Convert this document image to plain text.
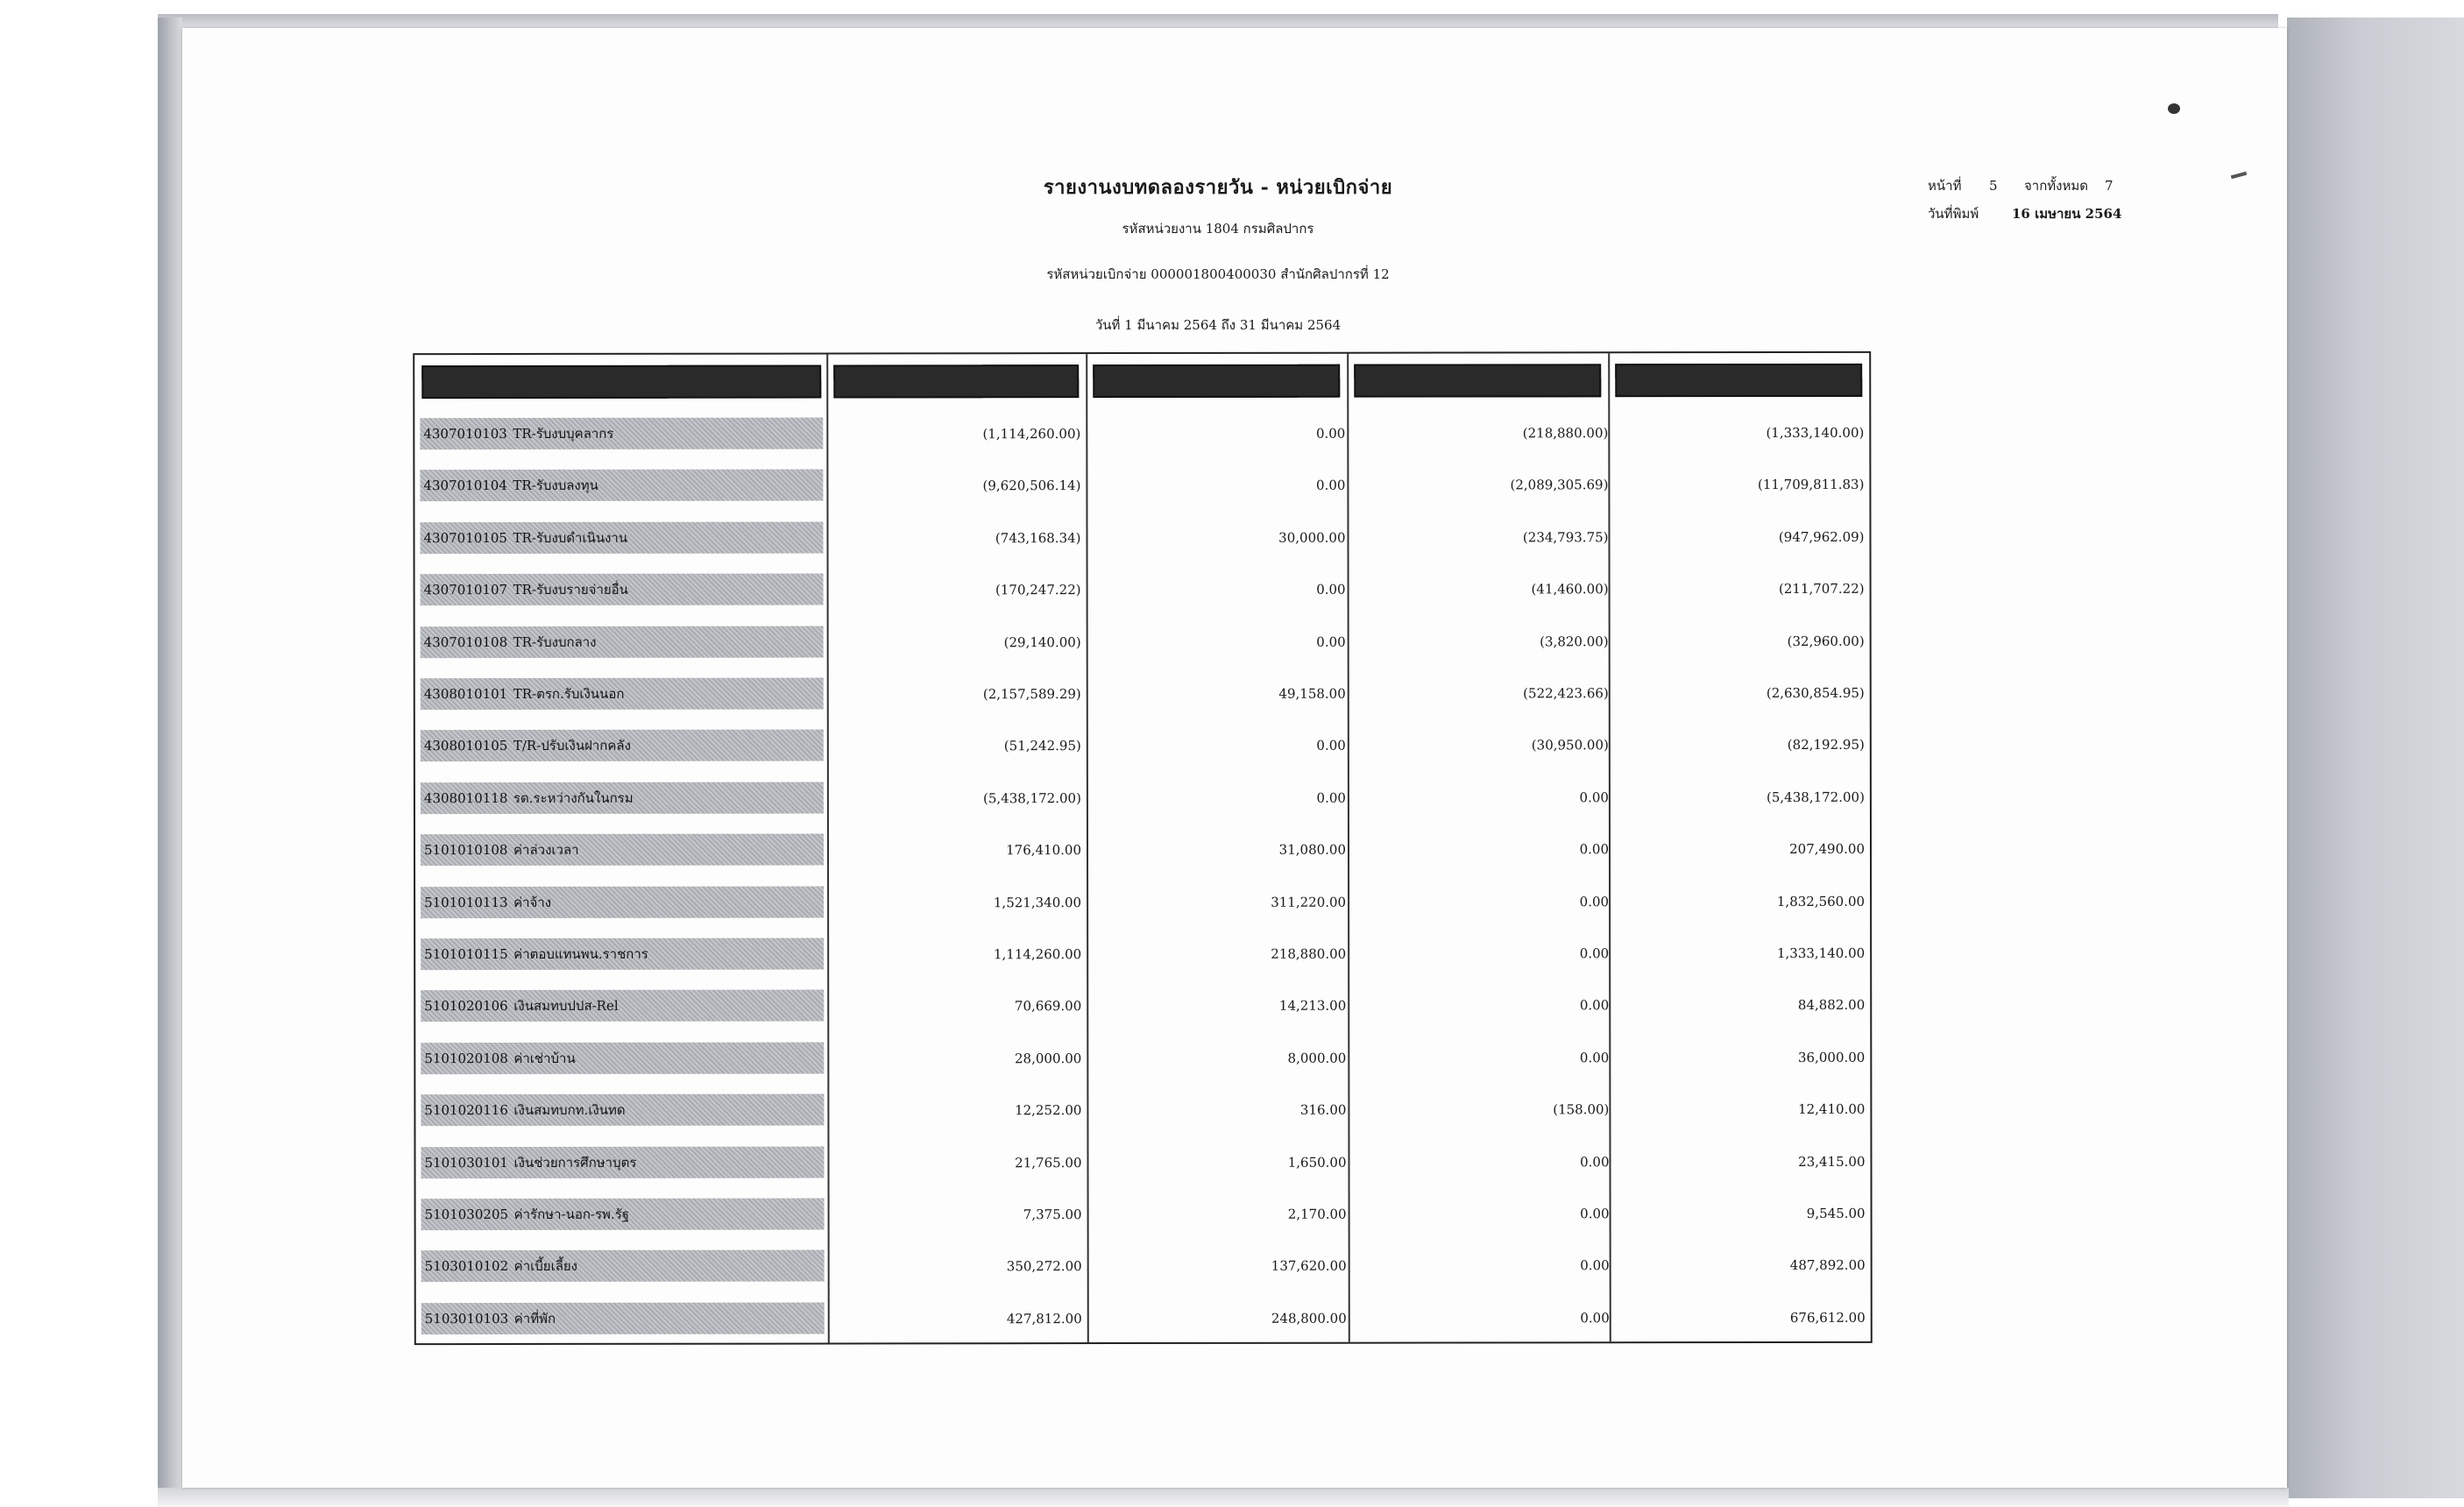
รายงานงบทดลองรายวัน - หน่วยเบิกจ่าย
รหัสหน่วยงาน 1804 กรมศิลปากร
รหัสหน่วยเบิกจ่าย 000001800400030 สำนักศิลปากรที่ 12
วันที่ 1 มีนาคม 2564 ถึง 31 มีนาคม 2564
หน้าที่	5	จากทั้งหมด	7
วันที่พิมพ์	16 เมษายน 2564
4307010103 TR-รับงบบุคลากร	(1,114,260.00)	0.00	(218,880.00)	(1,333,140.00)
4307010104 TR-รับงบลงทุน	(9,620,506.14)	0.00	(2,089,305.69)	(11,709,811.83)
4307010105 TR-รับงบดำเนินงาน	(743,168.34)	30,000.00	(234,793.75)	(947,962.09)
4307010107 TR-รับงบรายจ่ายอื่น	(170,247.22)	0.00	(41,460.00)	(211,707.22)
4307010108 TR-รับงบกลาง	(29,140.00)	0.00	(3,820.00)	(32,960.00)
4308010101 TR-ตรก.รับเงินนอก	(2,157,589.29)	49,158.00	(522,423.66)	(2,630,854.95)
4308010105 T/R-ปรับเงินฝากคลัง	(51,242.95)	0.00	(30,950.00)	(82,192.95)
4308010118 รด.ระหว่างกันในกรม	(5,438,172.00)	0.00	0.00	(5,438,172.00)
5101010108 ค่าล่วงเวลา	176,410.00	31,080.00	0.00	207,490.00
5101010113 ค่าจ้าง	1,521,340.00	311,220.00	0.00	1,832,560.00
5101010115 ค่าตอบแทนพน.ราชการ	1,114,260.00	218,880.00	0.00	1,333,140.00
5101020106 เงินสมทบปปส-Rel	70,669.00	14,213.00	0.00	84,882.00
5101020108 ค่าเช่าบ้าน	28,000.00	8,000.00	0.00	36,000.00
5101020116 เงินสมทบกท.เงินทด	12,252.00	316.00	(158.00)	12,410.00
5101030101 เงินช่วยการศึกษาบุตร	21,765.00	1,650.00	0.00	23,415.00
5101030205 ค่ารักษา-นอก-รพ.รัฐ	7,375.00	2,170.00	0.00	9,545.00
5103010102 ค่าเบี้ยเลี้ยง	350,272.00	137,620.00	0.00	487,892.00
5103010103 ค่าที่พัก	427,812.00	248,800.00	0.00	676,612.00
